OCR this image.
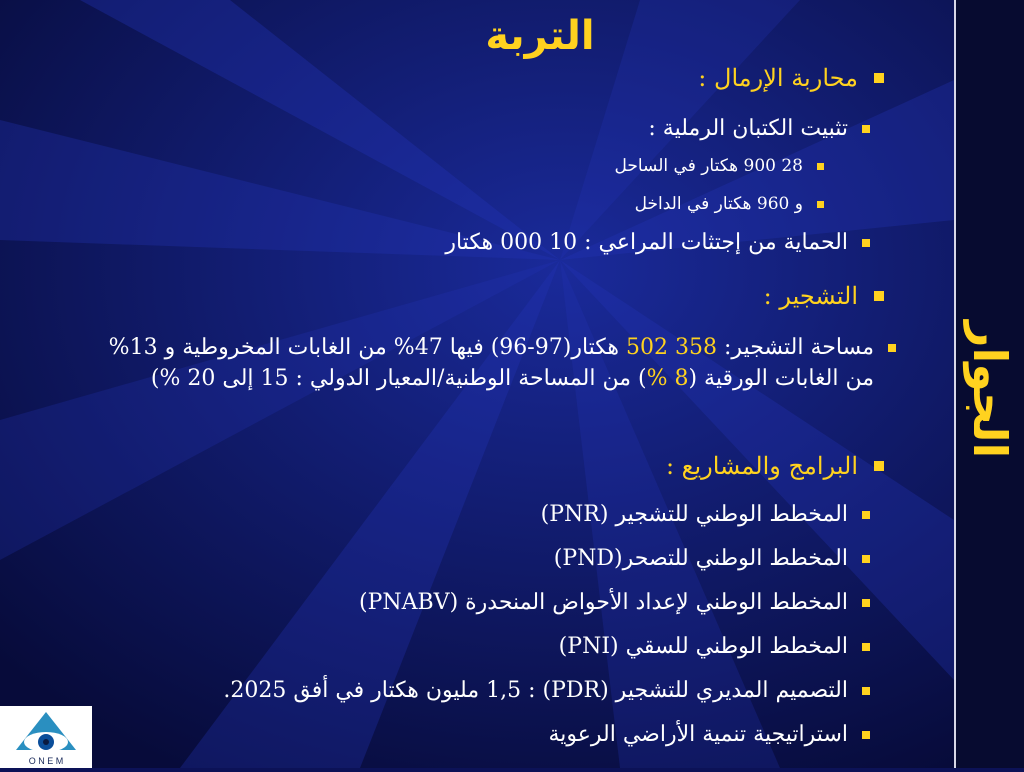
الجوار
التربة
محاربة الإرمال :
تثبيت الكتبان الرملية :
28 900 هكتار في الساحل
و 960 هكتار في الداخل
الحماية من إجتثات المراعي : 10 000 هكتار
التشجير :
مساحة التشجير: 358 502 هكتار(97-96) فيها 47% من الغابات المخروطية و 13% من الغابات الورقية (8 %) من المساحة الوطنية/المعيار الدولي : 15 إلى 20 %)
البرامج والمشاريع :
المخطط الوطني للتشجير (PNR)
المخطط الوطني للتصحر(PND)
المخطط الوطني لإعداد الأحواض المنحدرة (PNABV)
المخطط الوطني للسقي (PNI)
التصميم المديري للتشجير (PDR) : 1,5 مليون هكتار في أفق 2025.
استراتيجية تنمية الأراضي الرعوية
O N E M
